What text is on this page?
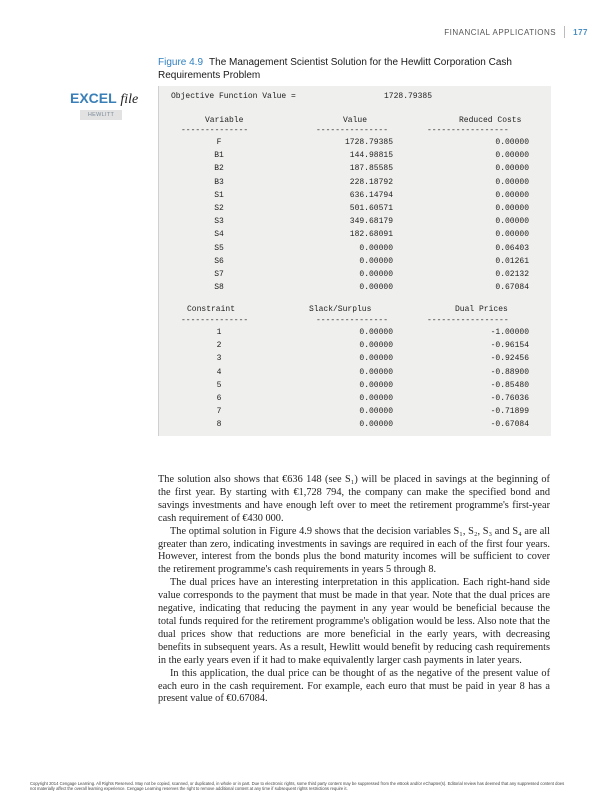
FINANCIAL APPLICATIONS 177
Figure 4.9 The Management Scientist Solution for the Hewlitt Corporation Cash Requirements Problem
EXCEL file
HEWLITT
Objective Function Value =	1728.79385
Variable	Value	Reduced Costs
--------------	---------------	-----------------
F	1728.79385	0.00000
B1	144.98815	0.00000
B2	187.85585	0.00000
B3	228.18792	0.00000
S1	636.14794	0.00000
S2	501.60571	0.00000
S3	349.68179	0.00000
S4	182.68091	0.00000
S5	0.00000	0.06403
S6	0.00000	0.01261
S7	0.00000	0.02132
S8	0.00000	0.67084
Constraint	Slack/Surplus	Dual Prices
--------------	---------------	-----------------
1	0.00000	-1.00000
2	0.00000	-0.96154
3	0.00000	-0.92456
4	0.00000	-0.88900
5	0.00000	-0.85480
6	0.00000	-0.76036
7	0.00000	-0.71899
8	0.00000	-0.67084

The solution also shows that €636 148 (see S₁) will be placed in savings at the beginning of the first year. By starting with €1,728 794, the company can make the specified bond and savings investments and have enough left over to meet the retirement programme's first-year cash requirement of €430 000.

The optimal solution in Figure 4.9 shows that the decision variables S₁, S₂, S₃ and S₄ are all greater than zero, indicating investments in savings are required in each of the first four years. However, interest from the bonds plus the bond maturity incomes will be sufficient to cover the retirement programme's cash requirements in years 5 through 8.

The dual prices have an interesting interpretation in this application. Each right-hand side value corresponds to the payment that must be made in that year. Note that the dual prices are negative, indicating that reducing the payment in any year would be beneficial because the total funds required for the retirement programme's obligation would be less. Also note that the dual prices show that reductions are more beneficial in the early years, with decreasing benefits in subsequent years. As a result, Hewlitt would benefit by reducing cash requirements in the early years even if it had to make equivalently larger cash payments in later years.

In this application, the dual price can be thought of as the negative of the present value of each euro in the cash requirement. For example, each euro that must be paid in year 8 has a present value of €0.67084.

Copyright 2014 Cengage Learning. All Rights Reserved. May not be copied, scanned, or duplicated, in whole or in part. Due to electronic rights, some third party content may be suppressed from the eBook and/or eChapter(s). Editorial review has deemed that any suppressed content does not materially affect the overall learning experience. Cengage Learning reserves the right to remove additional content at any time if subsequent rights restrictions require it.
